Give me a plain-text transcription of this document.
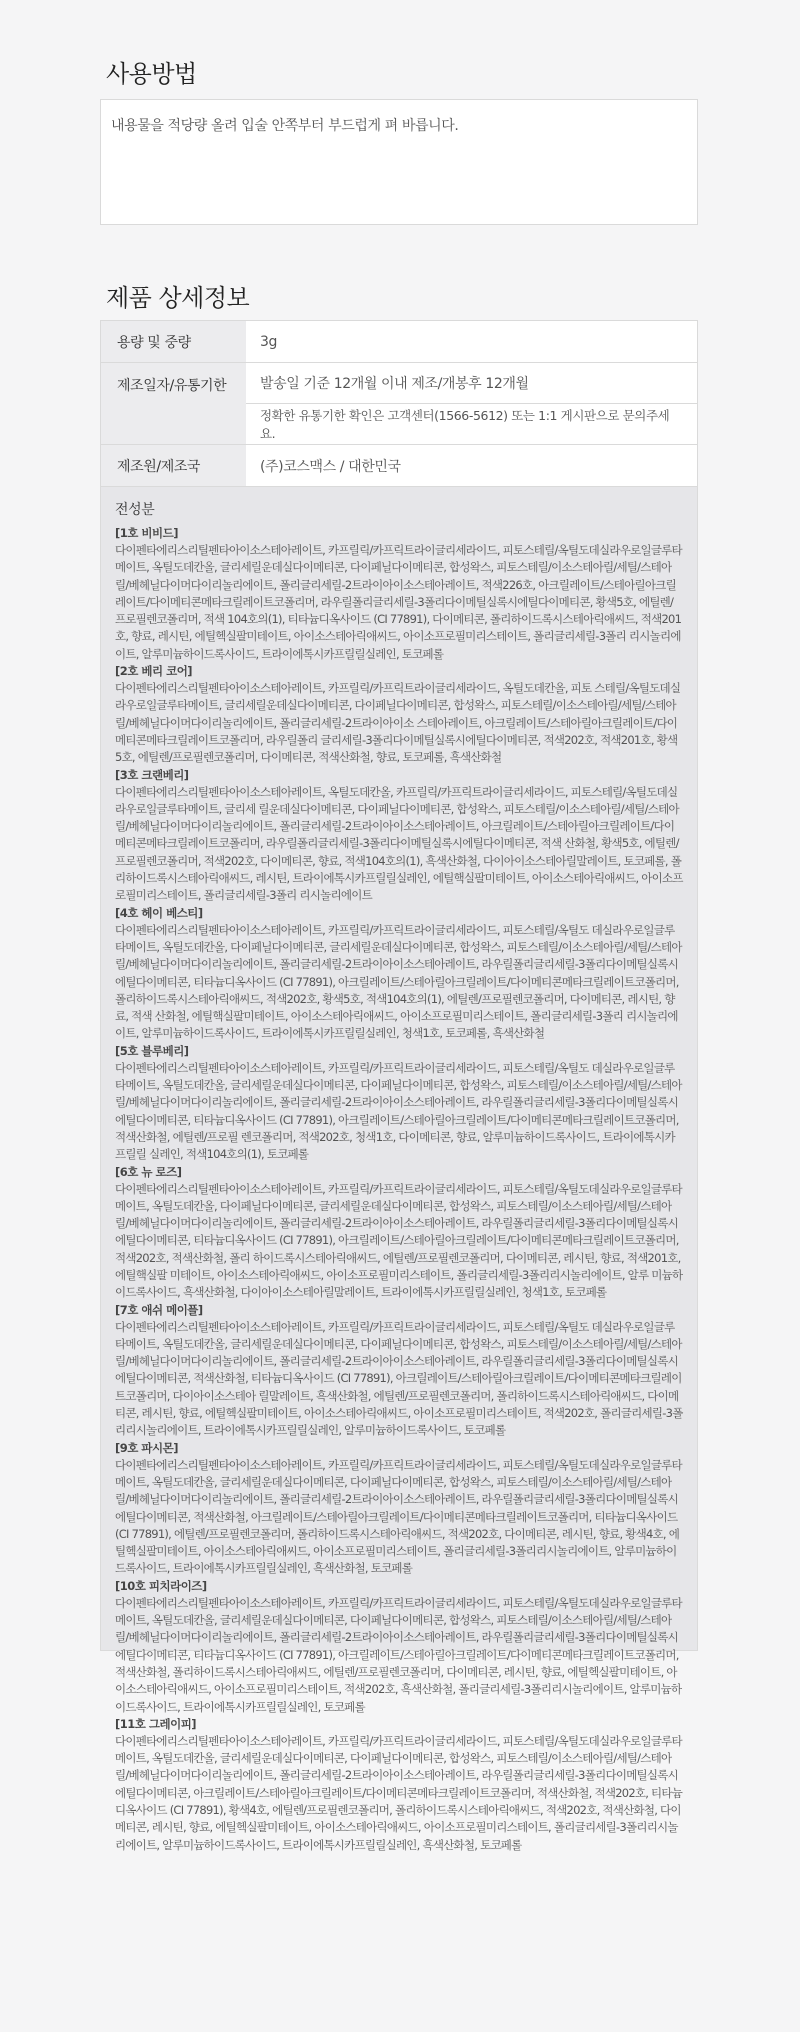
사용방법
내용물을 적당량 올려 입술 안쪽부터 부드럽게 펴 바릅니다.
제품 상세정보
용량 및 중량	3g
제조일자/유통기한	발송일 기준 12개월 이내 제조/개봉후 12개월
정확한 유통기한 확인은 고객센터(1566-5612) 또는 1:1 게시판으로 문의주세요.
제조원/제조국	(주)코스맥스 / 대한민국
전성분
[1호 비비드]
다이펜타에리스리틸펜타아이소스테아레이트, 카프릴릭/카프릭트라이글리세라이드, 피토스테릴/옥틸도데실라우로일글루타메이트, 옥틸도데칸올, 글리세릴운데실다이메티콘, 다이페닐다이메티콘, 합성왁스, 피토스테릴/이소스테아릴/세틸/스테아릴/베헤닐다이머다이리놀리에이트, 폴리글리세릴-2트라이아이소스테아레이트, 적색226호, 아크릴레이트/스테아릴아크릴레이트/다이메티콘메타크릴레이트코폴리머, 라우릴폴리글리세릴-3폴리다이메틸실록시에틸다이메티콘, 황색5호, 에틸렌/프로필렌코폴리머, 적색 104호의(1), 티타늄디옥사이드 (CI 77891), 다이메티콘, 폴리하이드록시스테아릭애씨드, 적색201호, 향료, 레시틴, 에틸헥실팔미테이트, 아이소스테아릭애씨드, 아이소프로필미리스테이트, 폴리글리세릴-3폴리 리시놀리에이트, 알루미늄하이드록사이드, 트라이에톡시카프릴릴실레인, 토코페롤
[2호 베리 코어]
다이펜타에리스리틸펜타아이소스테아레이트, 카프릴릭/카프릭트라이글리세라이드, 옥틸도데칸올, 피토 스테릴/옥틸도데실라우로일글루타메이트, 글리세릴운데실다이메티콘, 다이페닐다이메티콘, 합성왁스, 피토스테릴/이소스테아릴/세틸/스테아릴/베헤닐다이머다이리놀리에이트, 폴리글리세릴-2트라이아이소 스테아레이트, 아크릴레이트/스테아릴아크릴레이트/다이메티콘메타크릴레이트코폴리머, 라우릴폴리 글리세릴-3폴리다이메틸실록시에틸다이메티콘, 적색202호, 적색201호, 황색5호, 에틸렌/프로필렌코폴리머, 다이메티콘, 적색산화철, 향료, 토코페롤, 흑색산화철
[3호 크랜베리]
다이펜타에리스리틸펜타아이소스테아레이트, 옥틸도데칸올, 카프릴릭/카프릭트라이글리세라이드, 피토스테릴/옥틸도데실라우로일글루타메이트, 글리세 릴운데실다이메티콘, 다이페닐다이메티콘, 합성왁스, 피토스테릴/이소스테아릴/세틸/스테아릴/베헤닐다이머다이리놀리에이트, 폴리글리세릴-2트라이아이소스테아레이트, 아크릴레이트/스테아릴아크릴레이트/다이메티콘메타크릴레이트코폴리머, 라우릴폴리글리세릴-3폴리다이메틸실록시에틸다이메티콘, 적색 산화철, 황색5호, 에틸렌/프로필렌코폴리머, 적색202호, 다이메티콘, 향료, 적색104호의(1), 흑색산화철, 다이아이소스테아릴말레이트, 토코페롤, 폴리하이드록시스테아릭애씨드, 레시틴, 트라이에톡시카프릴릴실레인, 에틸핵실팔미테이트, 아이소스테아릭애씨드, 아이소프로필미리스테이트, 폴리글리세릴-3폴리 리시놀리에이트
[4호 헤이 베스티]
다이펜타에리스리틸펜타아이소스테아레이트, 카프릴릭/카프릭트라이글리세라이드, 피토스테릴/옥틸도 데실라우로일글루타메이트, 옥틸도데칸올, 다이페닐다이메티콘, 글리세릴운데실다이메티콘, 합성왁스, 피토스테릴/이소스테아릴/세틸/스테아릴/베헤닐다이머다이리놀리에이트, 폴리글리세릴-2트라이아이소스테아레이트, 라우릴폴리글리세릴-3폴리다이메틸실록시에틸다이메티콘, 티타늄디옥사이드 (CI 77891), 아크릴레이트/스테아릴아크릴레이트/다이메티콘메타크릴레이트코폴리머, 폴리하이드록시스테아릭애씨드, 적색202호, 황색5호, 적색104호의(1), 에틸렌/프로필렌코폴리머, 다이메티콘, 레시틴, 향료, 적색 산화철, 에틸핵실팔미테이트, 아이소스테아릭애씨드, 아이소프로필미리스테이트, 폴리글리세릴-3폴리 리시놀리에이트, 알루미늄하이드록사이드, 트라이에톡시카프릴릴실레인, 청색1호, 토코페롤, 흑색산화철
[5호 블루베리]
다이펜타에리스리틸펜타아이소스테아레이트, 카프릴릭/카프릭트라이글리세라이드, 피토스테릴/옥틸도 데실라우로일글루타메이트, 옥틸도데칸올, 글리세릴운데실다이메티콘, 다이페닐다이메티콘, 합성왁스, 피토스테릴/이소스테아릴/세틸/스테아릴/베헤닐다이머다이리놀리에이트, 폴리글리세릴-2트라이아이소스테아레이트, 라우릴폴리글리세릴-3폴리다이메틸실록시에틸다이메티콘, 티타늄디옥사이드 (CI 77891), 아크릴레이트/스테아릴아크릴레이트/다이메티콘메타크릴레이트코폴리머, 적색산화철, 에틸렌/프로필 렌코폴리머, 적색202호, 청색1호, 다이메티콘, 향료, 알루미늄하이드록사이드, 트라이에톡시카프릴릴 실레인, 적색104호의(1), 토코페롤
[6호 뉴 로즈]
다이펜타에리스리틸펜타아이소스테아레이트, 카프릴릭/카프릭트라이글리세라이드, 피토스테릴/옥틸도데실라우로일글루타메이트, 옥틸도데칸올, 다이페닐다이메티콘, 글리세릴운데실다이메티콘, 합성왁스, 피토스테릴/이소스테아릴/세틸/스테아릴/베헤닐다이머다이리놀리에이트, 폴리글리세릴-2트라이아이소스테아레이트, 라우릴폴리글리세릴-3폴리다이메틸실록시에틸다이메티콘, 티타늄디옥사이드 (CI 77891), 아크릴레이트/스테아릴아크릴레이트/다이메티콘메타크릴레이트코폴리머, 적색202호, 적색산화철, 폴리 하이드록시스테아릭애씨드, 에틸렌/프로필렌코폴리머, 다이메티콘, 레시틴, 향료, 적색201호, 에틸핵실팔 미테이트, 아이소스테아릭애씨드, 아이소프로필미리스테이트, 폴리글리세릴-3폴리리시놀리에이트, 알루 미늄하이드록사이드, 흑색산화철, 다이아이소스테아릴말레이트, 트라이에톡시카프릴릴실레인, 청색1호, 토코페롤
[7호 애쉬 메이플]
다이펜타에리스리틸펜타아이소스테아레이트, 카프릴릭/카프릭트라이글리세라이드, 피토스테릴/옥틸도 데실라우로일글루타메이트, 옥틸도데칸올, 글리세릴운데실다이메티콘, 다이페닐다이메티콘, 합성왁스, 피토스테릴/이소스테아릴/세틸/스테아릴/베헤닐다이머다이리놀리에이트, 폴리글리세릴-2트라이아이소스테아레이트, 라우릴폴리글리세릴-3폴리다이메틸실록시에틸다이메티콘, 적색산화철, 티타늄디옥사이드 (CI 77891), 아크릴레이트/스테아릴아크릴레이트/다이메티콘메타크릴레이트코폴리머, 다이아이소스테아 릴말레이트, 흑색산화철, 에틸렌/프로필렌코폴리머, 폴리하이드록시스테아릭애씨드, 다이메티콘, 레시틴, 향료, 에틸헥실팔미테이트, 아이소스테아릭애씨드, 아이소프로필미리스테이트, 적색202호, 폴리글리세릴-3폴리리시놀리에이트, 트라이에톡시카프릴릴실레인, 알루미늄하이드록사이드, 토코페롤
[9호 파시몬]
다이펜타에리스리틸펜타아이소스테아레이트, 카프릴릭/카프릭트라이글리세라이드, 피토스테릴/옥틸도데실라우로일글루타메이트, 옥틸도데칸올, 글리세릴운데실다이메티콘, 다이페닐다이메티콘, 합성왁스, 피토스테릴/이소스테아릴/세틸/스테아릴/베헤닐다이머다이리놀리에이트, 폴리글리세릴-2트라이아이소스테아레이트, 라우릴폴리글리세릴-3폴리다이메틸실록시에틸다이메티콘, 적색산화철, 아크릴레이트/스테아릴아크릴레이트/다이메티콘메타크릴레이트코폴리머, 티타늄디옥사이드 (CI 77891), 에틸렌/프로필렌코폴리머, 폴리하이드록시스테아릭애씨드, 적색202호, 다이메티콘, 레시틴, 향료, 황색4호, 에틸헥실팔미테이트, 아이소스테아릭애씨드, 아이소프로필미리스테이트, 폴리글리세릴-3폴리리시놀리에이트, 알루미늄하이드록사이드, 트라이에톡시카프릴릴실레인, 흑색산화철, 토코페롤
[10호 피치라이즈]
다이펜타에리스리틸펜타아이소스테아레이트, 카프릴릭/카프릭트라이글리세라이드, 피토스테릴/옥틸도데실라우로일글루타메이트, 옥틸도데칸올, 글리세릴운데실다이메티콘, 다이페닐다이메티콘, 합성왁스, 피토스테릴/이소스테아릴/세틸/스테아릴/베헤닐다이머다이리놀리에이트, 폴리글리세릴-2트라이아이소스테아레이트, 라우릴폴리글리세릴-3폴리다이메틸실록시에틸다이메티콘, 티타늄디옥사이드 (CI 77891), 아크릴레이트/스테아릴아크릴레이트/다이메티콘메타크릴레이트코폴리머, 적색산화철, 폴리하이드록시스테아릭애씨드, 에틸렌/프로필렌코폴리머, 다이메티콘, 레시틴, 향료, 에틸헥실팔미테이트, 아이소스테아릭애씨드, 아이소프로필미리스테이트, 적색202호, 흑색산화철, 폴리글리세릴-3폴리리시놀리에이트, 알루미늄하이드록사이드, 트라이에톡시카프릴릴실레인, 토코페롤
[11호 그레이피]
다이펜타에리스리틸펜타아이소스테아레이트, 카프릴릭/카프릭트라이글리세라이드, 피토스테릴/옥틸도데실라우로일글루타메이트, 옥틸도데칸올, 글리세릴운데실다이메티콘, 다이페닐다이메티콘, 합성왁스, 피토스테릴/이소스테아릴/세틸/스테아릴/베헤닐다이머다이리놀리에이트, 폴리글리세릴-2트라이아이소스테아레이트, 라우릴폴리글리세릴-3폴리다이메틸실록시에틸다이메티콘, 아크릴레이트/스테아릴아크릴레이트/다이메티콘메타크릴레이트코폴리머, 적색산화철, 적색202호, 티타늄디옥사이드 (CI 77891), 황색4호, 에틸렌/프로필렌코폴리머, 폴리하이드록시스테아릭애씨드, 적색202호, 적색산화철, 다이메티콘, 레시틴, 향료, 에틸헥실팔미테이트, 아이소스테아릭애씨드, 아이소프로필미리스테이트, 폴리글리세릴-3폴리리시놀리에이트, 알루미늄하이드록사이드, 트라이에톡시카프릴릴실레인, 흑색산화철, 토코페롤
